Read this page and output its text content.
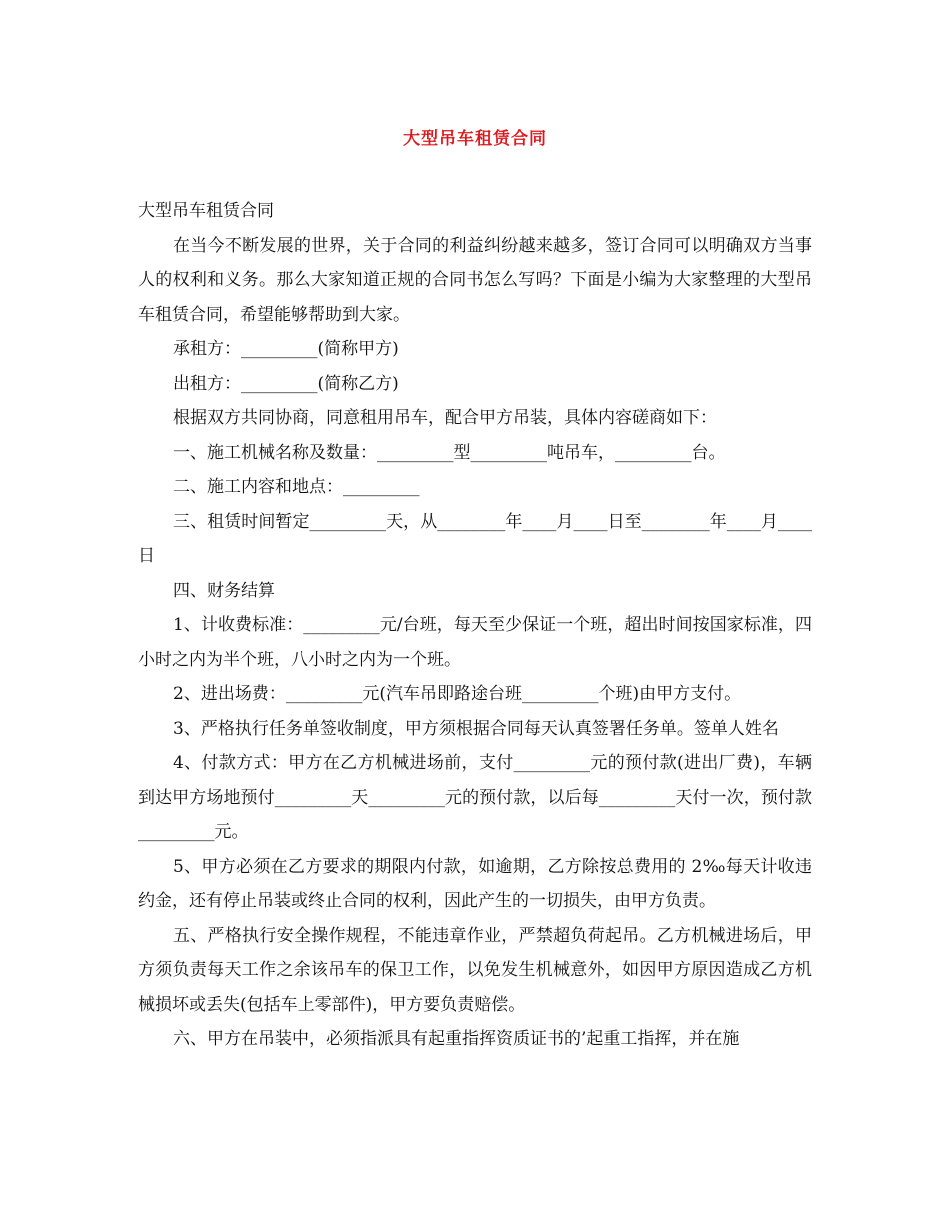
大型吊车租赁合同

大型吊车租赁合同

在当今不断发展的世界，关于合同的利益纠纷越来越多，签订合同可以明确双方当事人的权利和义务。那么大家知道正规的合同书怎么写吗？下面是小编为大家整理的大型吊车租赁合同，希望能够帮助到大家。

承租方：_________(简称甲方)

出租方：_________(简称乙方)

根据双方共同协商，同意租用吊车，配合甲方吊装，具体内容磋商如下：

一、施工机械名称及数量：_________型_________吨吊车，_________台。

二、施工内容和地点：_________

三、租赁时间暂定_________天，从________年____月____日至________年____月____日

四、财务结算

1、计收费标准：_________元/台班，每天至少保证一个班，超出时间按国家标准，四小时之内为半个班，八小时之内为一个班。

2、进出场费：_________元(汽车吊即路途台班_________个班)由甲方支付。

3、严格执行任务单签收制度，甲方须根据合同每天认真签署任务单。签单人姓名

4、付款方式：甲方在乙方机械进场前，支付_________元的预付款(进出厂费)，车辆到达甲方场地预付_________天_________元的预付款，以后每_________天付一次，预付款_________元。

5、甲方必须在乙方要求的期限内付款，如逾期，乙方除按总费用的 2‰每天计收违约金，还有停止吊装或终止合同的权利，因此产生的一切损失，由甲方负责。

五、严格执行安全操作规程，不能违章作业，严禁超负荷起吊。乙方机械进场后，甲方须负责每天工作之余该吊车的保卫工作，以免发生机械意外，如因甲方原因造成乙方机械损坏或丢失(包括车上零部件)，甲方要负责赔偿。

六、甲方在吊装中，必须指派具有起重指挥资质证书的’起重工指挥，并在施
